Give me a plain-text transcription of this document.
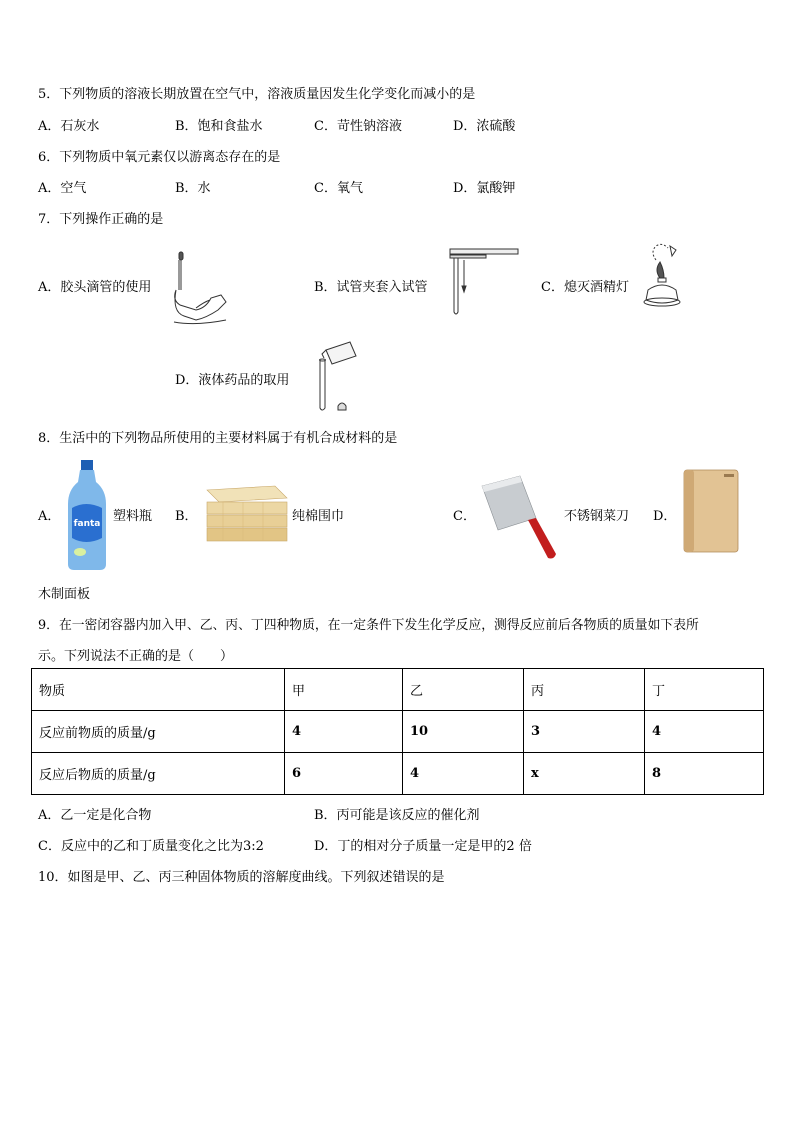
5．下列物质的溶液长期放置在空气中，溶液质量因发生化学变化而减小的是
A．石灰水	B．饱和食盐水	C．苛性钠溶液	D．浓硫酸
6．下列物质中氧元素仅以游离态存在的是
A．空气	B．水	C．氧气	D．氯酸钾
7．下列操作正确的是
A．胶头滴管的使用	B．试管夹套入试管	C．熄灭酒精灯
D．液体药品的取用
8．生活中的下列物品所使用的主要材料属于有机合成材料的是
A． fanta 塑料瓶 B．	纯棉围巾	C．	不锈钢菜刀 D．
木制面板
9．在一密闭容器内加入甲、乙、丙、丁四种物质，在一定条件下发生化学反应，测得反应前后各物质的质量如下表所
示。下列说法不正确的是（　　）
物质	甲	乙	丙	丁
反应前物质的质量/g	4	10	3	4
反应后物质的质量/g	6	4	x	8
A．乙一定是化合物	B．丙可能是该反应的催化剂
C．反应中的乙和丁质量变化之比为3:2	D．丁的相对分子质量一定是甲的2 倍
10．如图是甲、乙、丙三种固体物质的溶解度曲线。下列叙述错误的是
